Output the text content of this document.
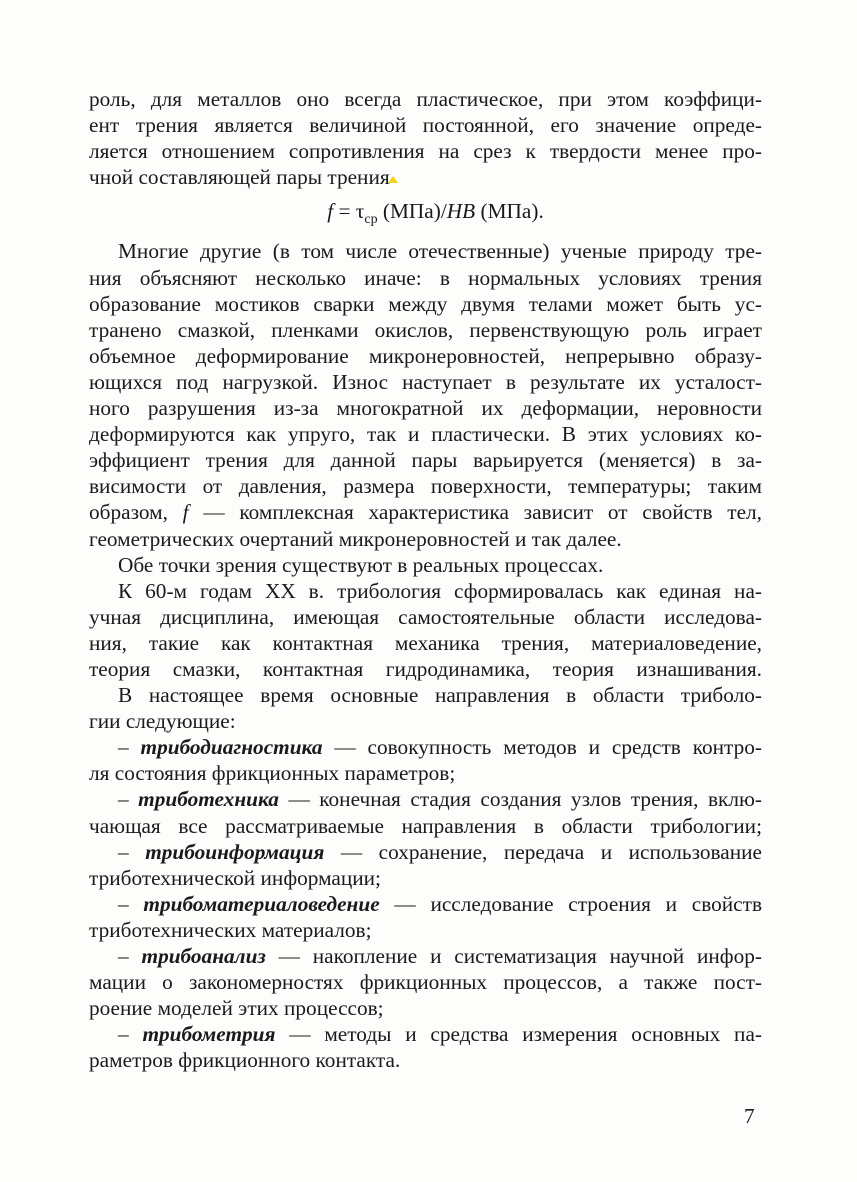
роль, для металлов оно всегда пластическое, при этом коэффици-
ент трения является величиной постоянной, его значение опреде-
ляется отношением сопротивления на срез к твердости менее про-
чной составляющей пары трения
$f = \tau_{ср}$ (МПа)/HB (МПа).
Многие другие (в том числе отечественные) ученые природу тре-
ния объясняют несколько иначе: в нормальных условиях трения
образование мостиков сварки между двумя телами может быть ус-
транено смазкой, пленками окислов, первенствующую роль играет
объемное деформирование микронеровностей, непрерывно образу-
ющихся под нагрузкой. Износ наступает в результате их усталост-
ного разрушения из-за многократной их деформации, неровности
деформируются как упруго, так и пластически. В этих условиях ко-
эффициент трения для данной пары варьируется (меняется) в за-
висимости от давления, размера поверхности, температуры; таким
образом, f — комплексная характеристика зависит от свойств тел,
геометрических очертаний микронеровностей и так далее.
Обе точки зрения существуют в реальных процессах.
К 60-м годам XX в. трибология сформировалась как единая на-
учная дисциплина, имеющая самостоятельные области исследова-
ния, такие как контактная механика трения, материаловедение,
теория смазки, контактная гидродинамика, теория изнашивания.
В настоящее время основные направления в области триболо-
гии следующие:
– трибодиагностика — совокупность методов и средств контро-
ля состояния фрикционных параметров;
– триботехника — конечная стадия создания узлов трения, вклю-
чающая все рассматриваемые направления в области трибологии;
– трибоинформация — сохранение, передача и использование
триботехнической информации;
– трибоматериаловедение — исследование строения и свойств
триботехнических материалов;
– трибоанализ — накопление и систематизация научной инфор-
мации о закономерностях фрикционных процессов, а также пост-
роение моделей этих процессов;
– трибометрия — методы и средства измерения основных па-
раметров фрикционного контакта.
7
